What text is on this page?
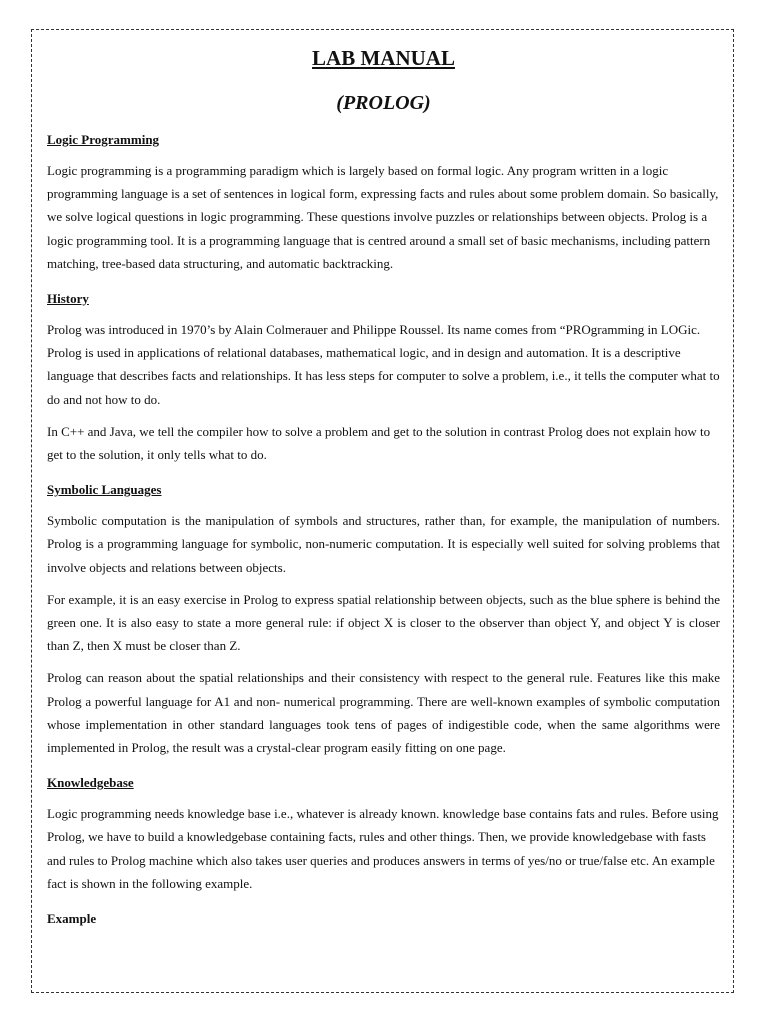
LAB MANUAL
(PROLOG)
Logic Programming

Logic programming is a programming paradigm which is largely based on formal logic. Any program written in a logic programming language is a set of sentences in logical form, expressing facts and rules about some problem domain. So basically, we solve logical questions in logic programming. These questions involve puzzles or relationships between objects. Prolog is a logic programming tool. It is a programming language that is centred around a small set of basic mechanisms, including pattern matching, tree-based data structuring, and automatic backtracking.

History

Prolog was introduced in 1970’s by Alain Colmerauer and Philippe Roussel. Its name comes from “PROgramming in LOGic. Prolog is used in applications of relational databases, mathematical logic, and in design and automation. It is a descriptive language that describes facts and relationships. It has less steps for computer to solve a problem, i.e., it tells the computer what to do and not how to do.

In C++ and Java, we tell the compiler how to solve a problem and get to the solution in contrast Prolog does not explain how to get to the solution, it only tells what to do.

Symbolic Languages

Symbolic computation is the manipulation of symbols and structures, rather than, for example, the manipulation of numbers. Prolog is a programming language for symbolic, non-numeric computation. It is especially well suited for solving problems that involve objects and relations between objects.

For example, it is an easy exercise in Prolog to express spatial relationship between objects, such as the blue sphere is behind the green one. It is also easy to state a more general rule: if object X is closer to the observer than object Y, and object Y is closer than Z, then X must be closer than Z.

Prolog can reason about the spatial relationships and their consistency with respect to the general rule. Features like this make Prolog a powerful language for A1 and non- numerical programming. There are well-known examples of symbolic computation whose implementation in other standard languages took tens of pages of indigestible code, when the same algorithms were implemented in Prolog, the result was a crystal-clear program easily fitting on one page.

Knowledgebase

Logic programming needs knowledge base i.e., whatever is already known. knowledge base contains fats and rules. Before using Prolog, we have to build a knowledgebase containing facts, rules and other things. Then, we provide knowledgebase with fasts and rules to Prolog machine which also takes user queries and produces answers in terms of yes/no or true/false etc. An example fact is shown in the following example.

Example
